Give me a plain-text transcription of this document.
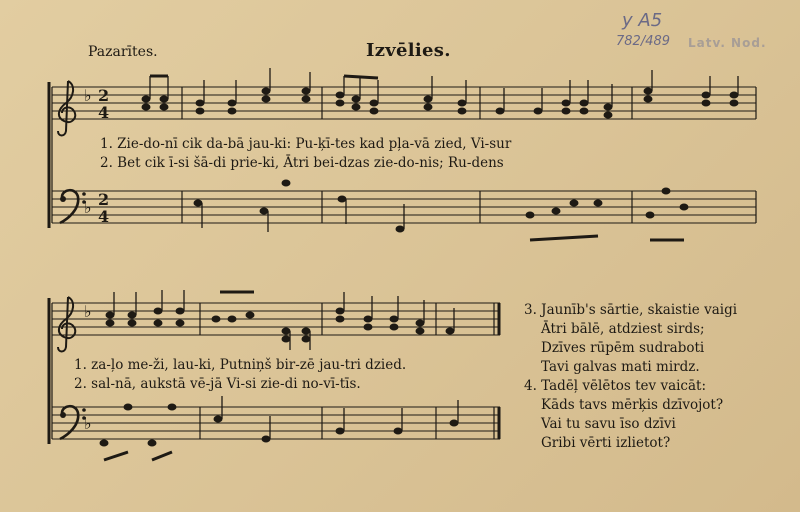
Pazarītes.	Izvēlies.
y A5
782/489 Latv. Nod.
♭
♭
♭
♭
2
4
2
4
1. Zie-do-nī cik da-bā jau-ki: Pu-ķī-tes kad pļa-vā zied, Vi-sur
2. Bet cik ī-si šā-di prie-ki, Ātri bei-dzas zie-do-nis; Ru-dens
1. za-ļo me-ži, lau-ki, Putniņš bir-zē jau-tri dzied.
2. sal-nā, aukstā vē-jā Vi-si zie-di no-vī-tīs.
3. Jaunīb's sārtie, skaistie vaigi
Ātri bālē, atdziest sirds;
Dzīves rūpēm sudraboti
Tavi galvas mati mirdz.
4. Tadēļ vēlētos tev vaicāt:
Kāds tavs mērķis dzīvojot?
Vai tu savu īso dzīvi
Gribi vērti izlietot?
